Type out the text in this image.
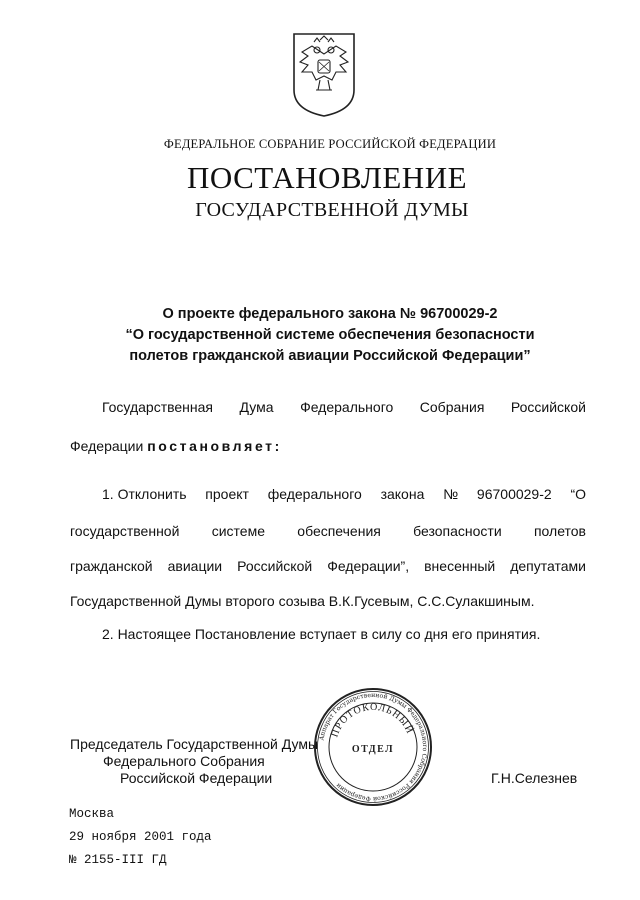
ФЕДЕРАЛЬНОЕ СОБРАНИЕ РОССИЙСКОЙ ФЕДЕРАЦИИ
ПОСТАНОВЛЕНИЕ
ГОСУДАРСТВЕННОЙ ДУМЫ
О проекте федерального закона № 96700029-2
“О государственной системе обеспечения безопасности
полетов гражданской авиации Российской Федерации”
Государственная Дума Федерального Собрания Российской
Федерации постановляет:
1. Отклонить проект федерального закона № 96700029-2 “О
государственной системе обеспечения безопасности полетов
гражданской авиации Российской Федерации”, внесенный депутатами
Государственной Думы второго созыва В.К.Гусевым, С.С.Сулакшиным.
2. Настоящее Постановление вступает в силу со дня его принятия.
Аппарат Государственной Думы Федерального Собрания Российской Федерации
ПРОТОКОЛЬНЫЙ
ОТДЕЛ
Председатель Государственной Думы
Федерального Собрания
Российской Федерации	Г.Н.Селезнев
Москва
29 ноября 2001 года
№ 2155-III ГД
